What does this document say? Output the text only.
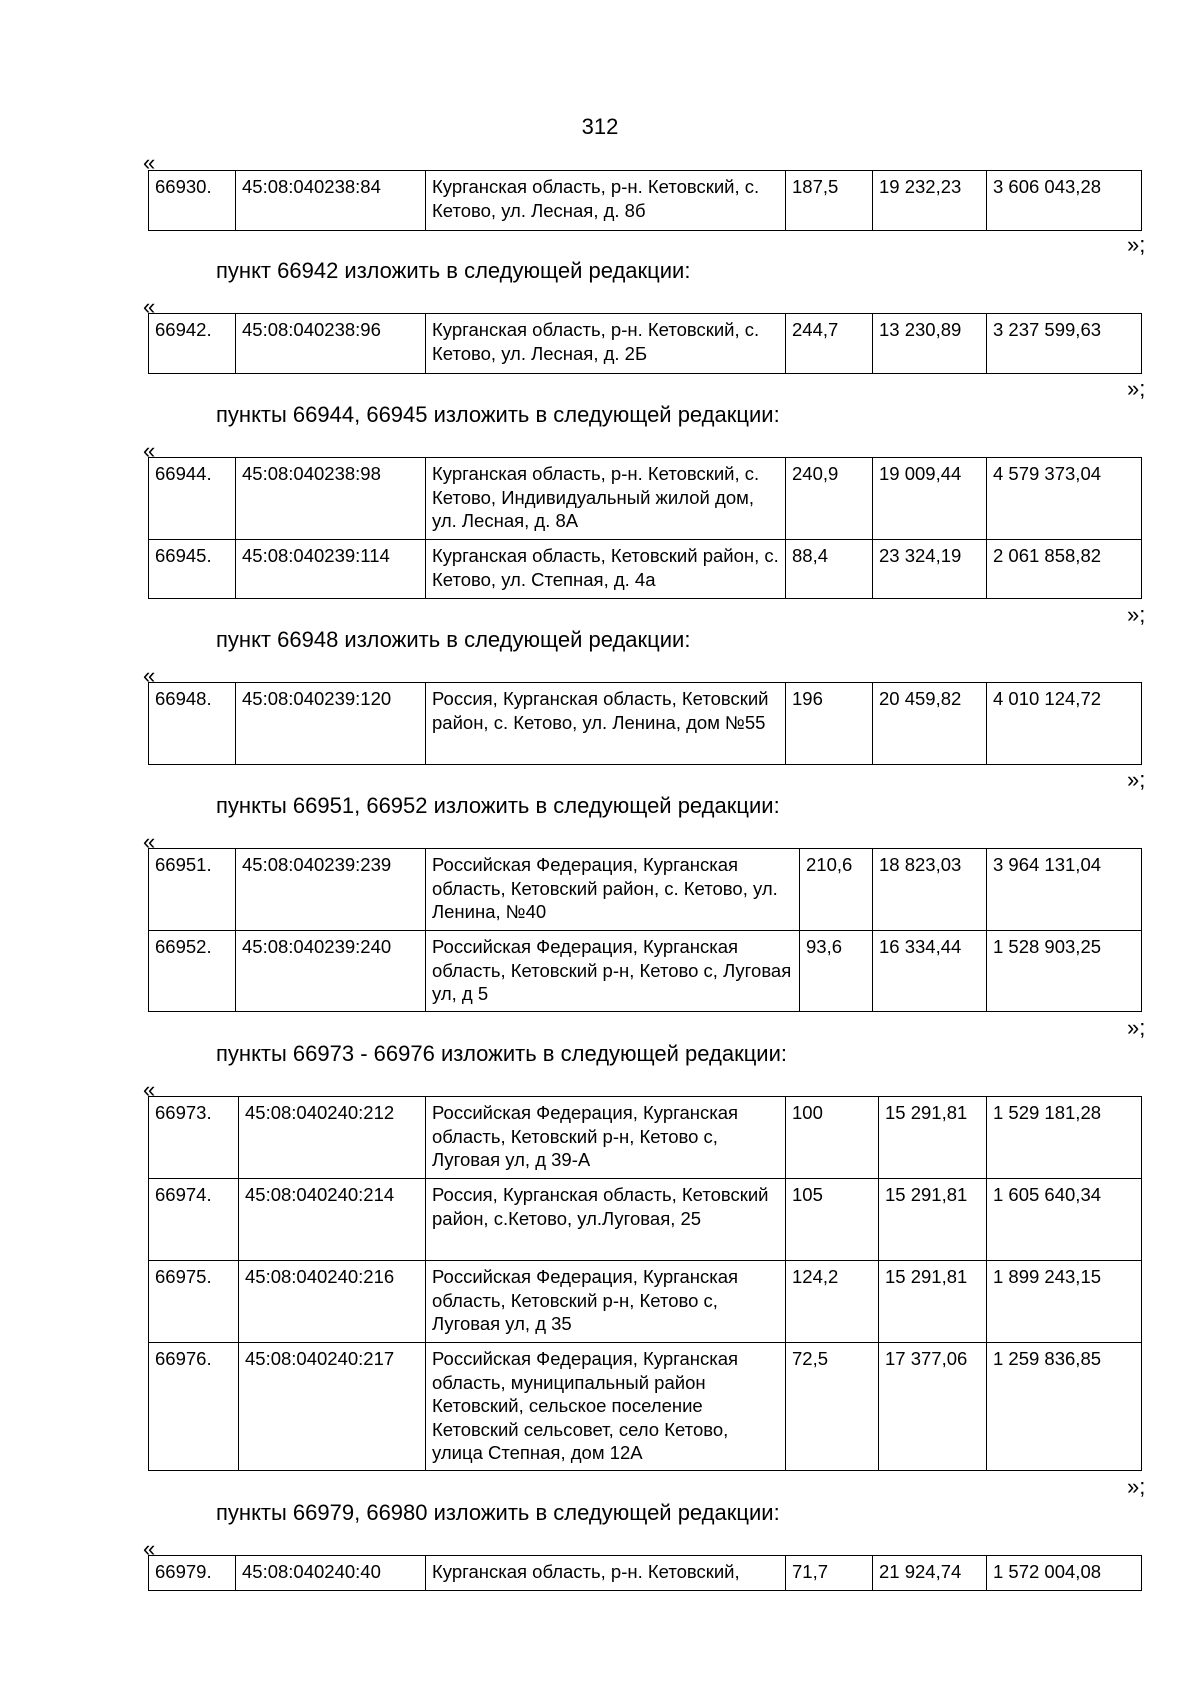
312
«
66930.	45:08:040238:84	Курганская область, р-н. Кетовский, с. Кетово, ул. Лесная, д. 8б	187,5	19 232,23	3 606 043,28
»;
пункт 66942 изложить в следующей редакции:
«
66942.	45:08:040238:96	Курганская область, р-н. Кетовский, с. Кетово, ул. Лесная, д. 2Б	244,7	13 230,89	3 237 599,63
»;
пункты 66944, 66945 изложить в следующей редакции:
«
66944.	45:08:040238:98	Курганская область, р-н. Кетовский, с. Кетово, Индивидуальный жилой дом, ул. Лесная, д. 8А	240,9	19 009,44	4 579 373,04
66945.	45:08:040239:114	Курганская область, Кетовский район, с. Кетово, ул. Степная, д. 4а	88,4	23 324,19	2 061 858,82
»;
пункт 66948 изложить в следующей редакции:
«
66948.	45:08:040239:120	Россия, Курганская область, Кетовский район, с. Кетово, ул. Ленина, дом №55	196	20 459,82	4 010 124,72
»;
пункты 66951, 66952 изложить в следующей редакции:
«
66951.	45:08:040239:239	Российская Федерация, Курганская область, Кетовский район, с. Кетово, ул. Ленина, №40	210,6	18 823,03	3 964 131,04
66952.	45:08:040239:240	Российская Федерация, Курганская область, Кетовский р-н, Кетово с, Луговая ул, д 5	93,6	16 334,44	1 528 903,25
»;
пункты 66973 - 66976 изложить в следующей редакции:
«
66973.	45:08:040240:212	Российская Федерация, Курганская область, Кетовский р-н, Кетово с, Луговая ул, д 39-А	100	15 291,81	1 529 181,28
66974.	45:08:040240:214	Россия, Курганская область, Кетовский район, с.Кетово, ул.Луговая, 25	105	15 291,81	1 605 640,34
66975.	45:08:040240:216	Российская Федерация, Курганская область, Кетовский р-н, Кетово с, Луговая ул, д 35	124,2	15 291,81	1 899 243,15
66976.	45:08:040240:217	Российская Федерация, Курганская область, муниципальный район Кетовский, сельское поселение Кетовский сельсовет, село Кетово, улица Степная, дом 12А	72,5	17 377,06	1 259 836,85
»;
пункты 66979, 66980 изложить в следующей редакции:
«
66979.	45:08:040240:40	Курганская область, р-н. Кетовский,	71,7	21 924,74	1 572 004,08
